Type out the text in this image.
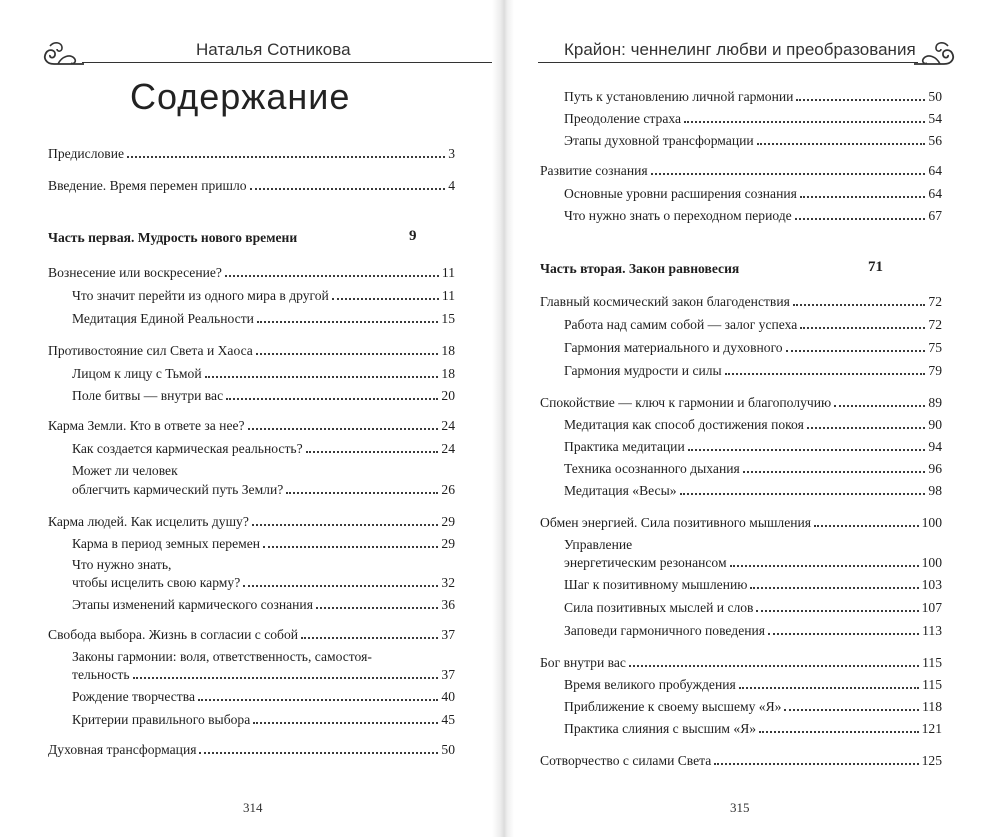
Наталья Сотникова	Крайон: ченнелинг любви и преобразования
Содержание
Предисловие	3
Введение. Время перемен пришло	4
Часть первая. Мудрость нового времени	9
Вознесение или воскресение?	11
Что значит перейти из одного мира в другой	11
Медитация Единой Реальности	15
Противостояние сил Света и Хаоса	18
Лицом к лицу с Тьмой	18
Поле битвы — внутри вас	20
Карма Земли. Кто в ответе за нее?	24
Как создается кармическая реальность?	24
Может ли человек
облегчить кармический путь Земли?	26
Карма людей. Как исцелить душу?	29
Карма в период земных перемен	29
Что нужно знать,
чтобы исцелить свою карму?	32
Этапы изменений кармического сознания	36
Свобода выбора. Жизнь в согласии с собой	37
Законы гармонии: воля, ответственность, самостоя-
тельность	37
Рождение творчества	40
Критерии правильного выбора	45
Духовная трансформация	50
314
Путь к установлению личной гармонии	50
Преодоление страха	54
Этапы духовной трансформации	56
Развитие сознания	64
Основные уровни расширения сознания	64
Что нужно знать о переходном периоде	67
Часть вторая. Закон равновесия	71
Главный космический закон благоденствия	72
Работа над самим собой — залог успеха	72
Гармония материального и духовного	75
Гармония мудрости и силы	79
Спокойствие — ключ к гармонии и благополучию	89
Медитация как способ достижения покоя	90
Практика медитации	94
Техника осознанного дыхания	96
Медитация «Весы»	98
Обмен энергией. Сила позитивного мышления	100
Управление
энергетическим резонансом	100
Шаг к позитивному мышлению	103
Сила позитивных мыслей и слов	107
Заповеди гармоничного поведения	113
Бог внутри вас	115
Время великого пробуждения	115
Приближение к своему высшему «Я»	118
Практика слияния с высшим «Я»	121
Сотворчество с силами Света	125
315
